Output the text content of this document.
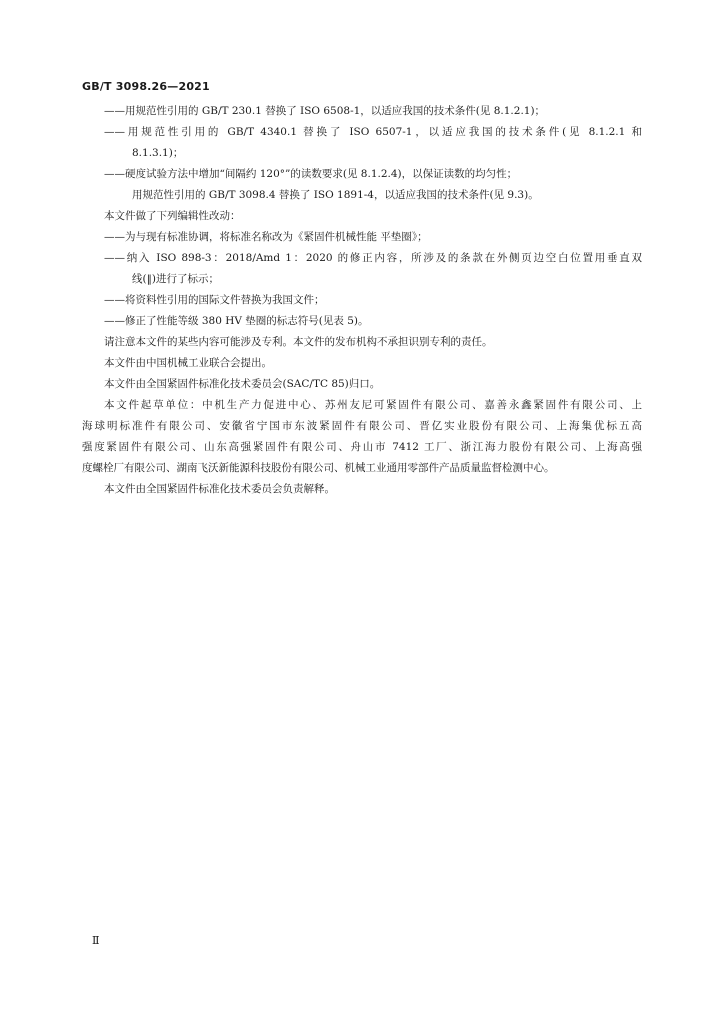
GB/T 3098.26—2021
——用规范性引用的 GB/T 230.1 替换了 ISO 6508-1，以适应我国的技术条件(见 8.1.2.1)；
——用规范性引用的 GB/T 4340.1 替换了 ISO 6507-1，以适应我国的技术条件(见 8.1.2.1 和
8.1.3.1)；
——硬度试验方法中增加“间隔约 120°”的读数要求(见 8.1.2.4)，以保证读数的均匀性；
用规范性引用的 GB/T 3098.4 替换了 ISO 1891-4，以适应我国的技术条件(见 9.3)。
本文件做了下列编辑性改动：
——为与现有标准协调，将标准名称改为《紧固件机械性能 平垫圈》；
——纳入 ISO 898-3：2018/Amd 1：2020 的修正内容，所涉及的条款在外侧页边空白位置用垂直双
线(‖)进行了标示；
——将资料性引用的国际文件替换为我国文件；
——修正了性能等级 380 HV 垫圈的标志符号(见表 5)。
请注意本文件的某些内容可能涉及专利。本文件的发布机构不承担识别专利的责任。
本文件由中国机械工业联合会提出。
本文件由全国紧固件标准化技术委员会(SAC/TC 85)归口。
本文件起草单位：中机生产力促进中心、苏州友尼可紧固件有限公司、嘉善永鑫紧固件有限公司、上
海球明标准件有限公司、安徽省宁国市东波紧固件有限公司、晋亿实业股份有限公司、上海集优标五高
强度紧固件有限公司、山东高强紧固件有限公司、舟山市 7412 工厂、浙江海力股份有限公司、上海高强
度螺栓厂有限公司、湖南飞沃新能源科技股份有限公司、机械工业通用零部件产品质量监督检测中心。
本文件由全国紧固件标准化技术委员会负责解释。
Ⅱ
